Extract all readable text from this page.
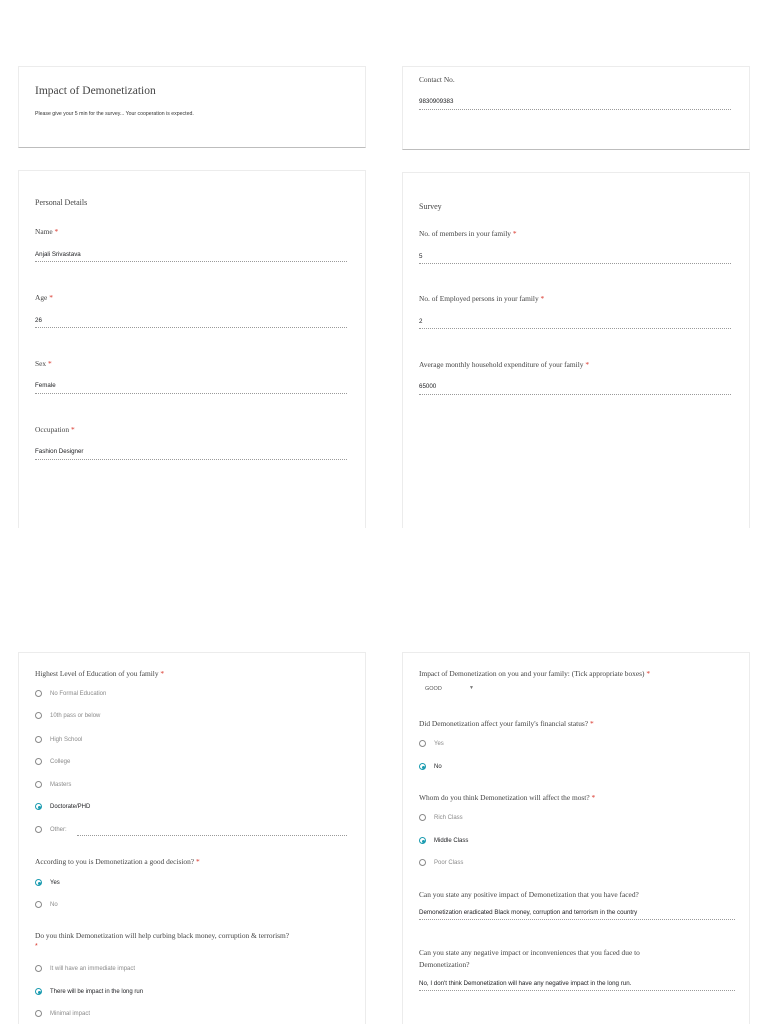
Impact of Demonetization
Please give your 5 min for the survey... Your cooperation is expected.
Contact No.
9830909383
Personal Details
Name *
Anjali Srivastava
Age *
26
Sex *
Female
Occupation *
Fashion Designer
Survey
No. of members in your family *
5
No. of Employed persons in your family *
2
Average monthly household expenditure of your family *
65000
Highest Level of Education of you family *
No Formal Education
10th pass or below
High School
College
Masters
Doctorate/PHD
Other:
According to you is Demonetization a good decision? *
Yes
No
Do you think Demonetization will help curbing black money, corruption & terrorism?
*
It will have an immediate impact
There will be impact in the long run
Minimal impact
Impact of Demonetization on you and your family: (Tick appropriate boxes) *
GOOD	▼
Did Demonetization affect your family's financial status? *
Yes
No
Whom do you think Demonetization will affect the most? *
Rich Class
Middle Class
Poor Class
Can you state any positive impact of Demonetization that you have faced?
Demonetization eradicated Black money, corruption and terrorism in the country
Can you state any negative impact or inconveniences that you faced due to
Demonetization?
No, I don't think Demonetization will have any negative impact in the long run.
